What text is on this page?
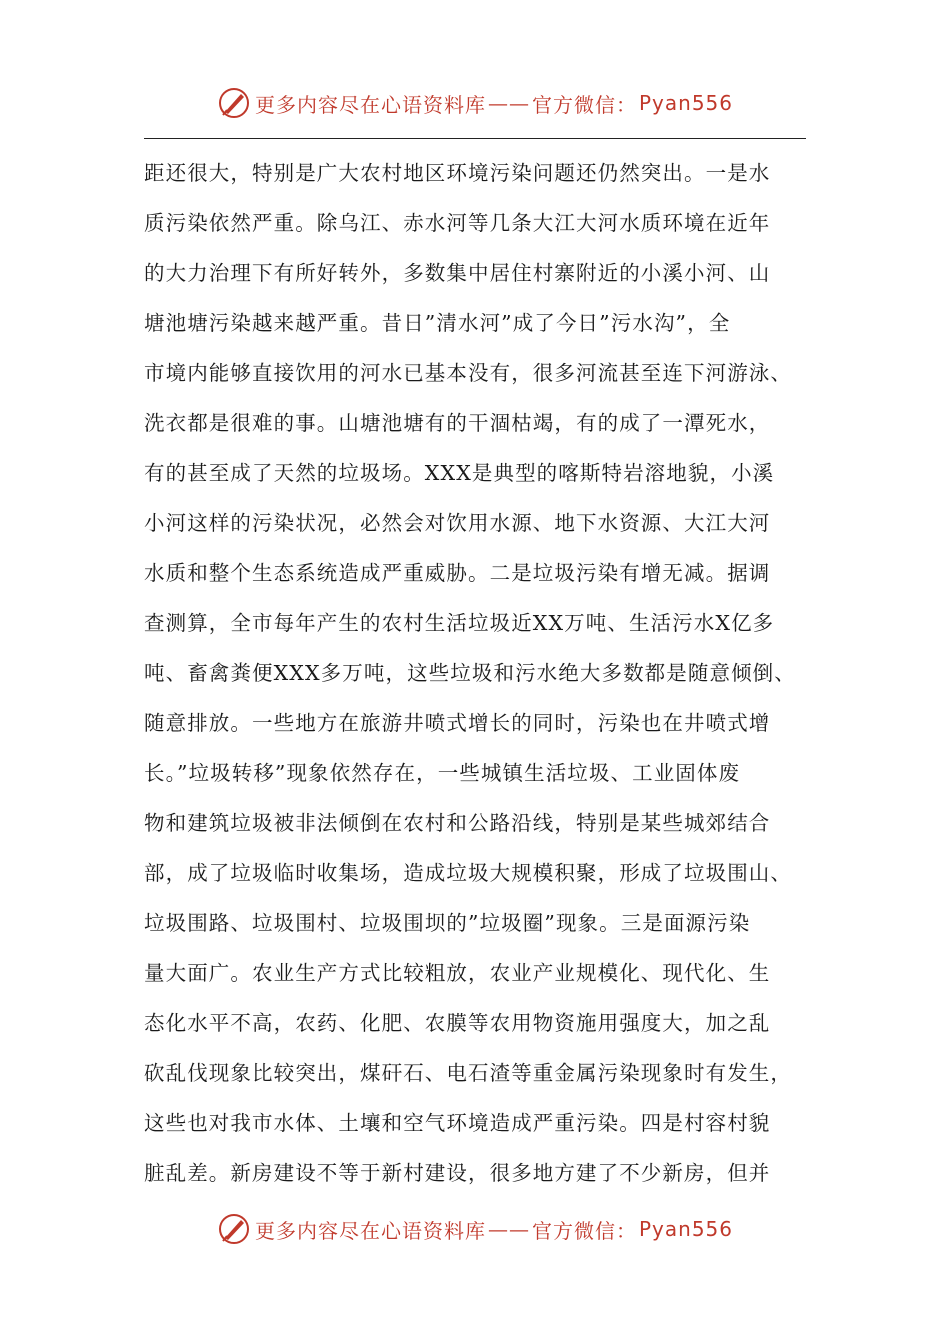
更多内容尽在心语资料库 —— 官方微信： Pyan556
距还很大，特别是广大农村地区环境污染问题还仍然突出。一是水
质污染依然严重。除乌江、赤水河等几条大江大河水质环境在近年
的大力治理下有所好转外，多数集中居住村寨附近的小溪小河、山
塘池塘污染越来越严重。昔日”清水河”成了今日”污水沟”，全
市境内能够直接饮用的河水已基本没有，很多河流甚至连下河游泳、
洗衣都是很难的事。山塘池塘有的干涸枯竭，有的成了一潭死水，
有的甚至成了天然的垃圾场。XXX是典型的喀斯特岩溶地貌，小溪
小河这样的污染状况，必然会对饮用水源、地下水资源、大江大河
水质和整个生态系统造成严重威胁。二是垃圾污染有增无减。据调
查测算，全市每年产生的农村生活垃圾近XX万吨、生活污水X亿多
吨、畜禽粪便XXX多万吨，这些垃圾和污水绝大多数都是随意倾倒、
随意排放。一些地方在旅游井喷式增长的同时，污染也在井喷式增
长。”垃圾转移”现象依然存在，一些城镇生活垃圾、工业固体废
物和建筑垃圾被非法倾倒在农村和公路沿线，特别是某些城郊结合
部，成了垃圾临时收集场，造成垃圾大规模积聚，形成了垃圾围山、
垃圾围路、垃圾围村、垃圾围坝的”垃圾圈”现象。三是面源污染
量大面广。农业生产方式比较粗放，农业产业规模化、现代化、生
态化水平不高，农药、化肥、农膜等农用物资施用强度大，加之乱
砍乱伐现象比较突出，煤矸石、电石渣等重金属污染现象时有发生，
这些也对我市水体、土壤和空气环境造成严重污染。四是村容村貌
脏乱差。新房建设不等于新村建设，很多地方建了不少新房，但并
更多内容尽在心语资料库 —— 官方微信： Pyan556
